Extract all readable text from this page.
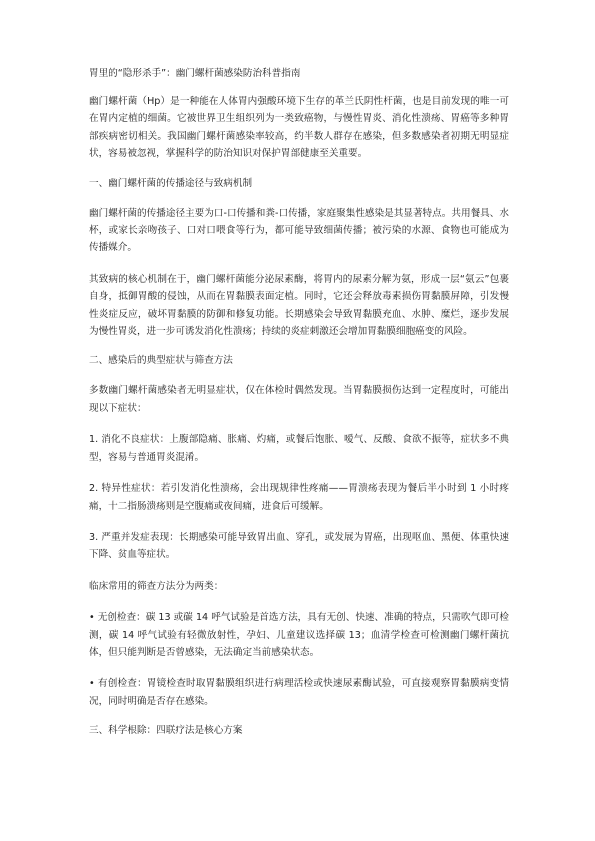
胃里的“隐形杀手”：幽门螺杆菌感染防治科普指南

幽门螺杆菌（Hp）是一种能在人体胃内强酸环境下生存的革兰氏阴性杆菌，也是目前发现的唯一可在胃内定植的细菌。它被世界卫生组织列为一类致癌物，与慢性胃炎、消化性溃疡、胃癌等多种胃部疾病密切相关。我国幽门螺杆菌感染率较高，约半数人群存在感染，但多数感染者初期无明显症状，容易被忽视，掌握科学的防治知识对保护胃部健康至关重要。

一、幽门螺杆菌的传播途径与致病机制

幽门螺杆菌的传播途径主要为口-口传播和粪-口传播，家庭聚集性感染是其显著特点。共用餐具、水杯，或家长亲吻孩子、口对口喂食等行为，都可能导致细菌传播；被污染的水源、食物也可能成为传播媒介。

其致病的核心机制在于，幽门螺杆菌能分泌尿素酶，将胃内的尿素分解为氨，形成一层“氨云”包裹自身，抵御胃酸的侵蚀，从而在胃黏膜表面定植。同时，它还会释放毒素损伤胃黏膜屏障，引发慢性炎症反应，破坏胃黏膜的防御和修复功能。长期感染会导致胃黏膜充血、水肿、糜烂，逐步发展为慢性胃炎，进一步可诱发消化性溃疡；持续的炎症刺激还会增加胃黏膜细胞癌变的风险。

二、感染后的典型症状与筛查方法

多数幽门螺杆菌感染者无明显症状，仅在体检时偶然发现。当胃黏膜损伤达到一定程度时，可能出现以下症状：

1. 消化不良症状：上腹部隐痛、胀痛、灼痛，或餐后饱胀、嗳气、反酸、食欲不振等，症状多不典型，容易与普通胃炎混淆。

2. 特异性症状：若引发消化性溃疡，会出现规律性疼痛——胃溃疡表现为餐后半小时到 1 小时疼痛，十二指肠溃疡则是空腹痛或夜间痛，进食后可缓解。

3. 严重并发症表现：长期感染可能导致胃出血、穿孔，或发展为胃癌，出现呕血、黑便、体重快速下降、贫血等症状。

临床常用的筛查方法分为两类：

• 无创检查：碳 13 或碳 14 呼气试验是首选方法，具有无创、快速、准确的特点，只需吹气即可检测，碳 14 呼气试验有轻微放射性，孕妇、儿童建议选择碳 13；血清学检查可检测幽门螺杆菌抗体，但只能判断是否曾感染，无法确定当前感染状态。

• 有创检查：胃镜检查时取胃黏膜组织进行病理活检或快速尿素酶试验，可直接观察胃黏膜病变情况，同时明确是否存在感染。

三、科学根除：四联疗法是核心方案
